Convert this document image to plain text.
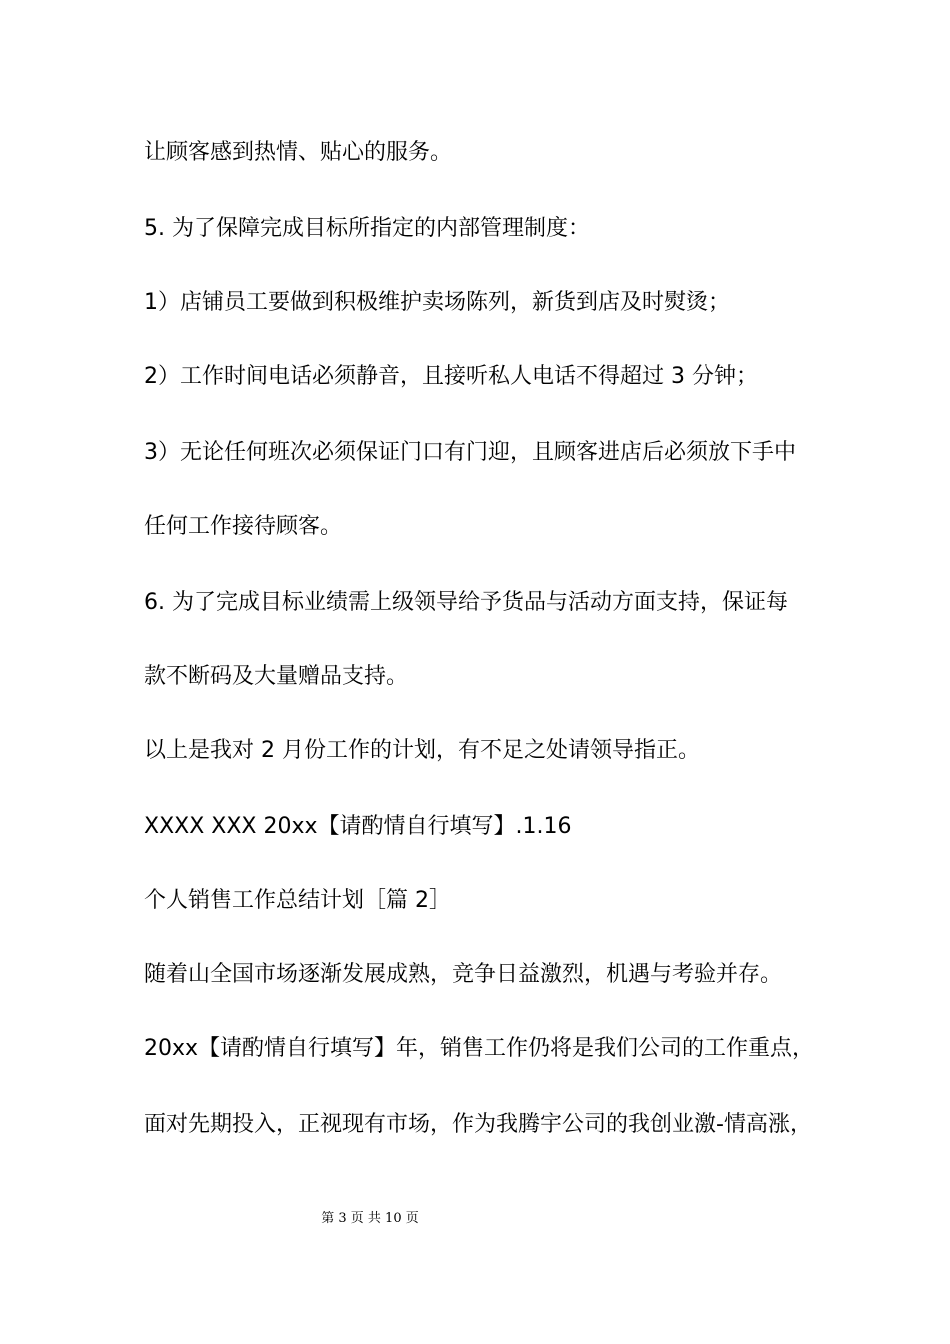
让顾客感到热情、贴心的服务。
5. 为了保障完成目标所指定的内部管理制度：
1）店铺员工要做到积极维护卖场陈列，新货到店及时熨烫；
2）工作时间电话必须静音，且接听私人电话不得超过 3 分钟；
3）无论任何班次必须保证门口有门迎，且顾客进店后必须放下手中
任何工作接待顾客。
6. 为了完成目标业绩需上级领导给予货品与活动方面支持，保证每
款不断码及大量赠品支持。
以上是我对 2 月份工作的计划，有不足之处请领导指正。
XXXX XXX 20xx【请酌情自行填写】.1.16
个人销售工作总结计划［篇 2］
随着山全国市场逐渐发展成熟，竞争日益激烈，机遇与考验并存。
20xx【请酌情自行填写】年，销售工作仍将是我们公司的工作重点，
面对先期投入，正视现有市场，作为我腾宇公司的我创业激-情高涨，
第 3 页 共 10 页
